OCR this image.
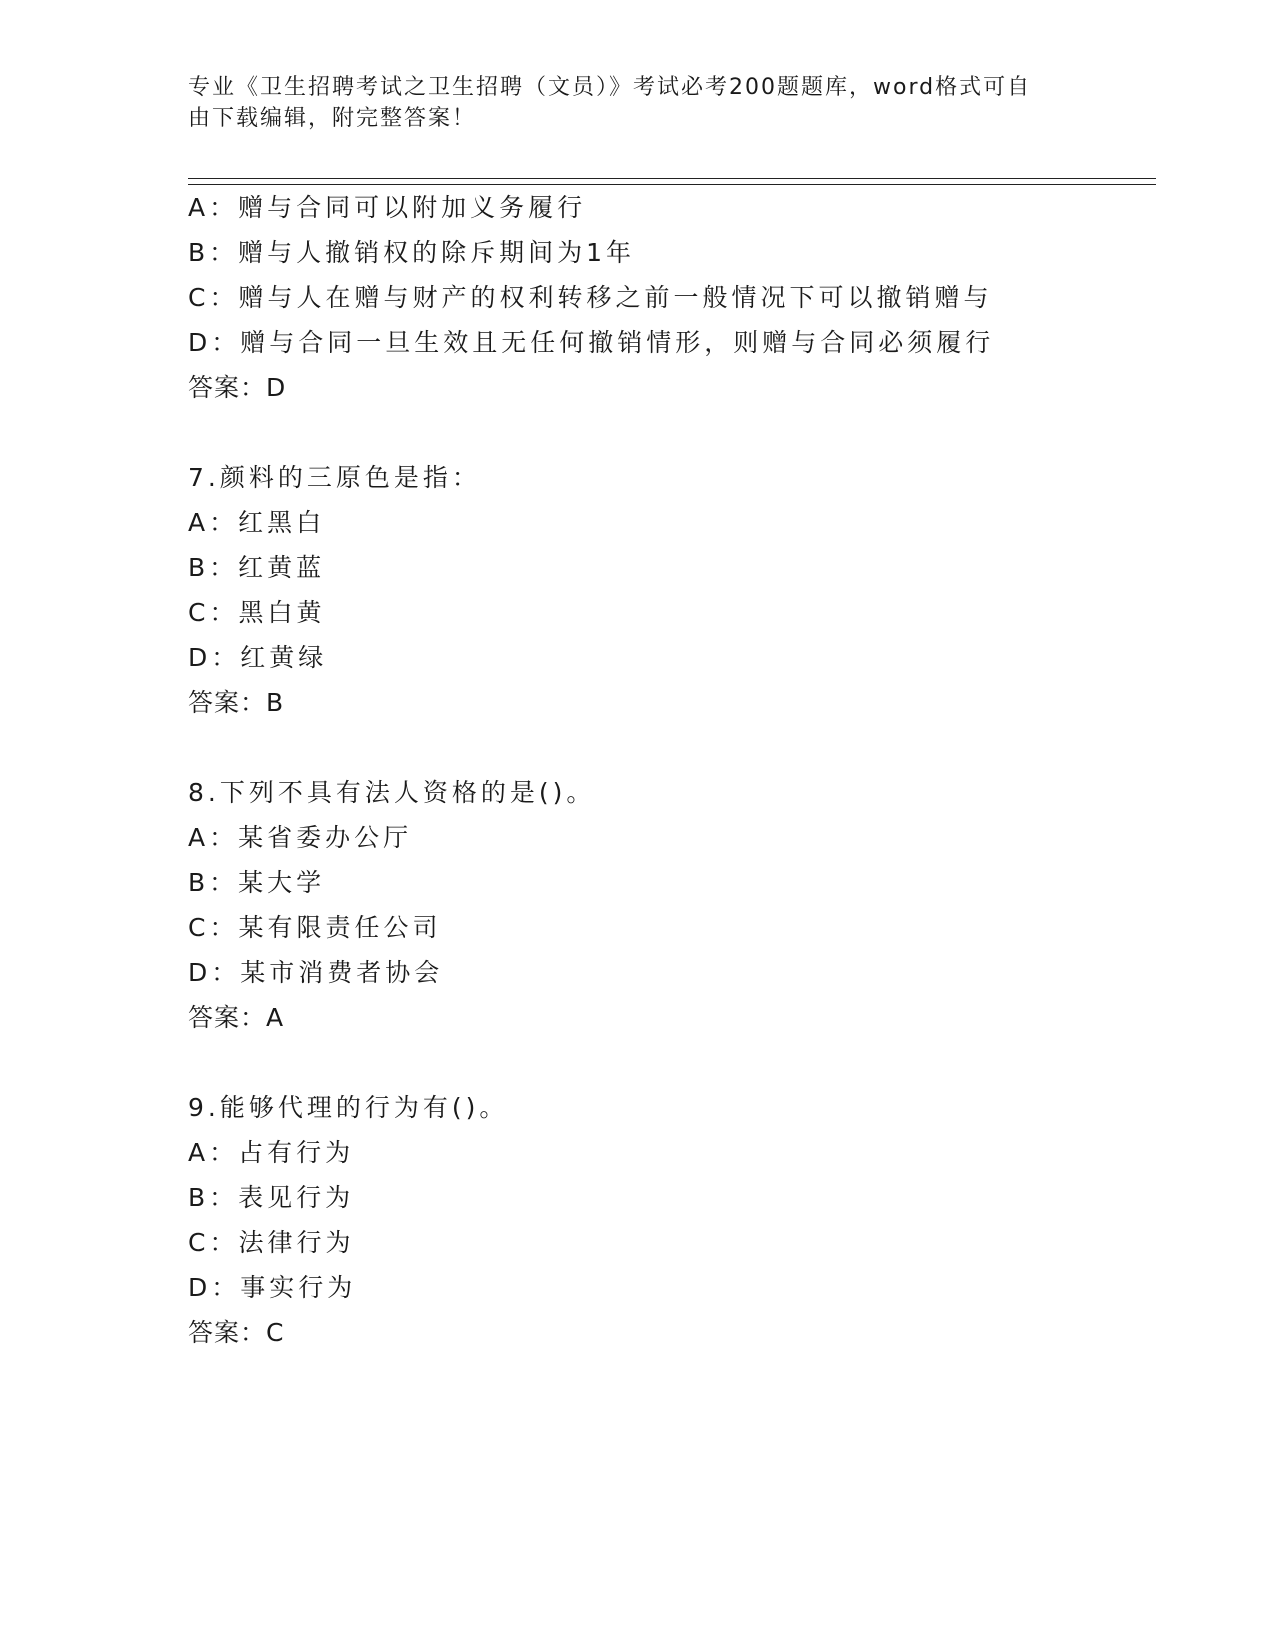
专业《卫生招聘考试之卫生招聘（文员）》考试必考200题题库，word格式可自
由下载编辑，附完整答案！
A：赠与合同可以附加义务履行
B：赠与人撤销权的除斥期间为1年
C：赠与人在赠与财产的权利转移之前一般情况下可以撤销赠与
D：赠与合同一旦生效且无任何撤销情形，则赠与合同必须履行
答案：D
7.颜料的三原色是指：
A：红黑白
B：红黄蓝
C：黑白黄
D：红黄绿
答案：B
8.下列不具有法人资格的是()。
A：某省委办公厅
B：某大学
C：某有限责任公司
D：某市消费者协会
答案：A
9.能够代理的行为有()。
A：占有行为
B：表见行为
C：法律行为
D：事实行为
答案：C
